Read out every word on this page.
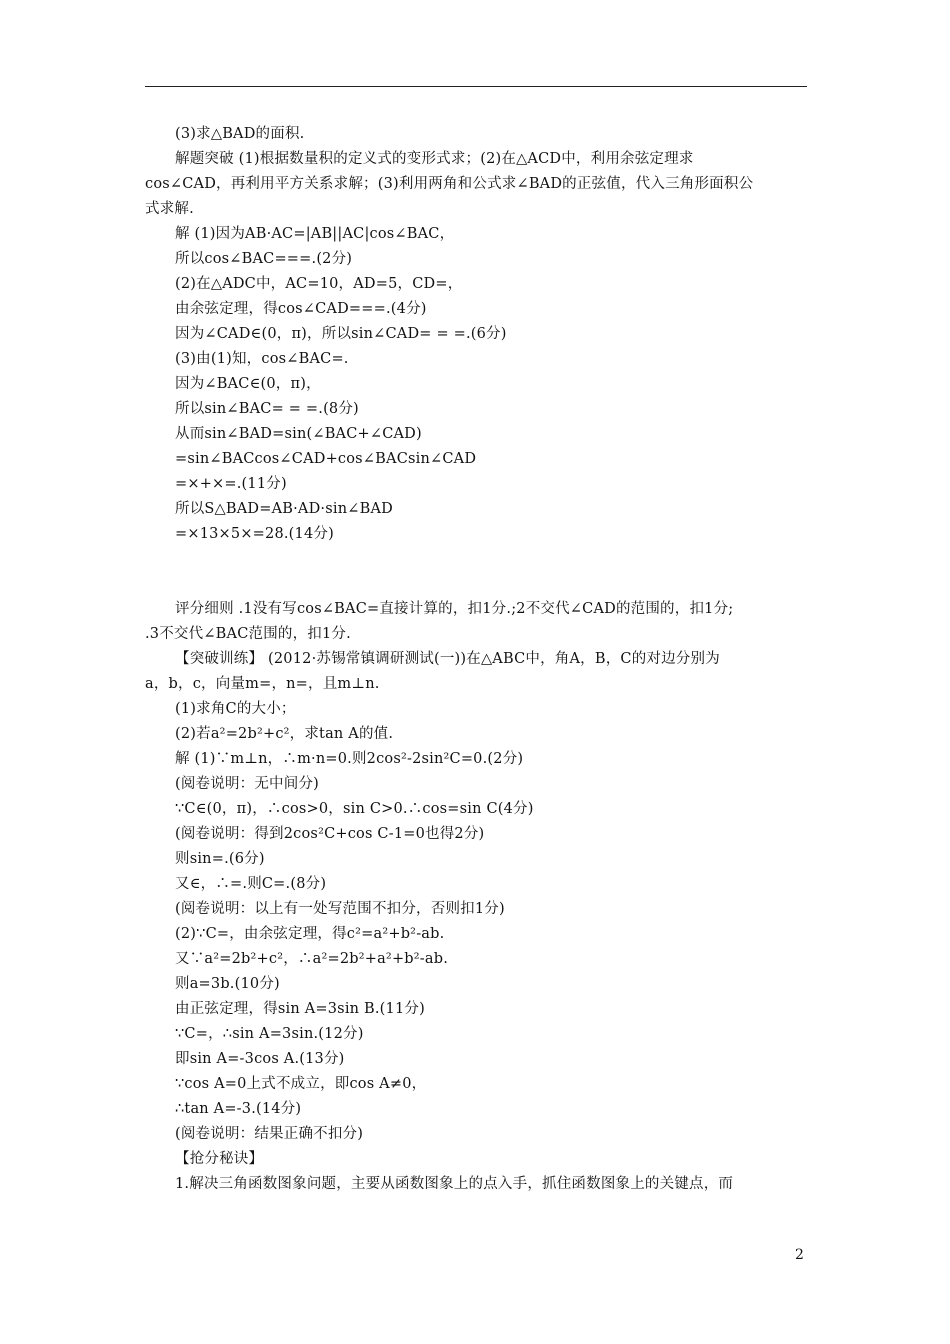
(3)求△BAD的面积.
解题突破 (1)根据数量积的定义式的变形式求；(2)在△ACD中，利用余弦定理求
cos∠CAD，再利用平方关系求解；(3)利用两角和公式求∠BAD的正弦值，代入三角形面积公
式求解.
解 (1)因为AB·AC=|AB||AC|cos∠BAC，
所以cos∠BAC===.(2分)
(2)在△ADC中，AC=10，AD=5，CD=，
由余弦定理，得cos∠CAD===.(4分)
因为∠CAD∈(0，π)，所以sin∠CAD= = =.(6分)
(3)由(1)知，cos∠BAC=.
因为∠BAC∈(0，π)，
所以sin∠BAC= = =.(8分)
从而sin∠BAD=sin(∠BAC+∠CAD)
=sin∠BACcos∠CAD+cos∠BACsin∠CAD
=×+×=.(11分)
所以S△BAD=AB·AD·sin∠BAD
=×13×5×=28.(14分)
评分细则 .1没有写cos∠BAC=直接计算的，扣1分.;2不交代∠CAD的范围的，扣1分;
.3不交代∠BAC范围的，扣1分.
【突破训练】 (2012·苏锡常镇调研测试(一))在△ABC中，角A，B，C的对边分别为
a，b，c，向量m=，n=，且m⊥n.
(1)求角C的大小；
(2)若a²=2b²+c²，求tan A的值.
解 (1)∵m⊥n，∴m·n=0.则2cos²-2sin²C=0.(2分)
(阅卷说明：无中间分)
∵C∈(0，π)，∴cos>0，sin C>0.∴cos=sin C(4分)
(阅卷说明：得到2cos²C+cos C-1=0也得2分)
则sin=.(6分)
又∈，∴=.则C=.(8分)
(阅卷说明：以上有一处写范围不扣分，否则扣1分)
(2)∵C=，由余弦定理，得c²=a²+b²-ab.
又∵a²=2b²+c²，∴a²=2b²+a²+b²-ab.
则a=3b.(10分)
由正弦定理，得sin A=3sin B.(11分)
∵C=，∴sin A=3sin.(12分)
即sin A=-3cos A.(13分)
∵cos A=0上式不成立，即cos A≠0，
∴tan A=-3.(14分)
(阅卷说明：结果正确不扣分)
【抢分秘诀】
1.解决三角函数图象问题，主要从函数图象上的点入手，抓住函数图象上的关键点，而
2
